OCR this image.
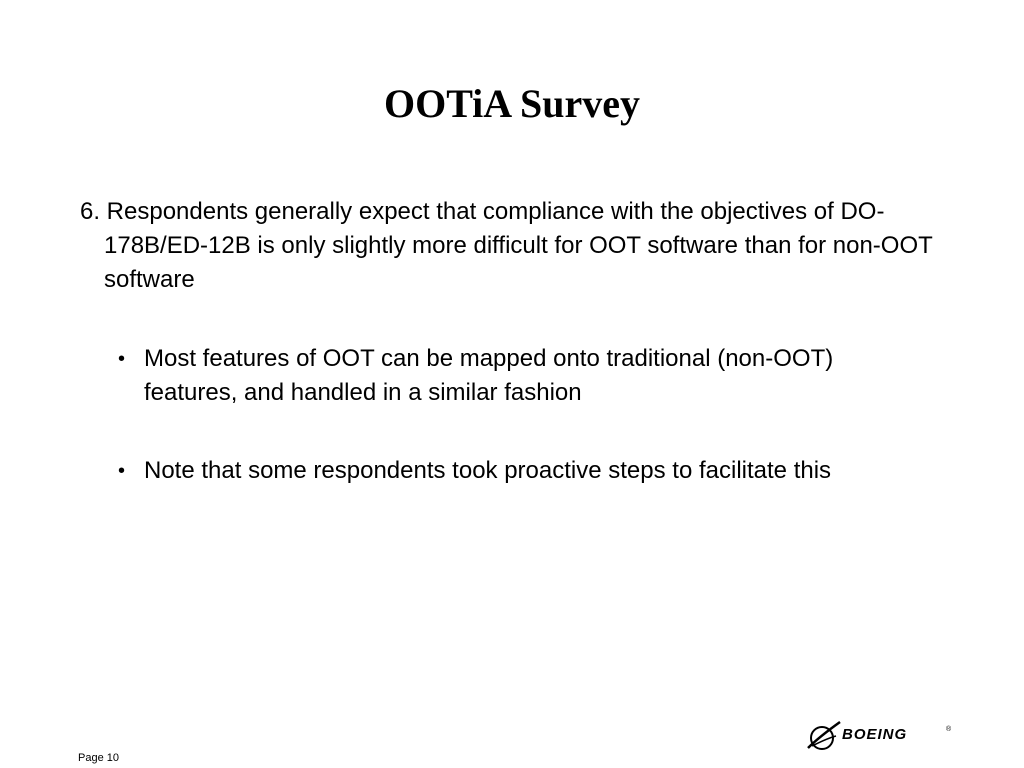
OOTiA Survey

6. Respondents generally expect that compliance with the objectives of DO-178B/ED-12B is only slightly more difficult for OOT software than for non-OOT software

• Most features of OOT can be mapped onto traditional (non-OOT) features, and handled in a similar fashion
• Note that some respondents took proactive steps to facilitate this
Page 10
BOEING	®
